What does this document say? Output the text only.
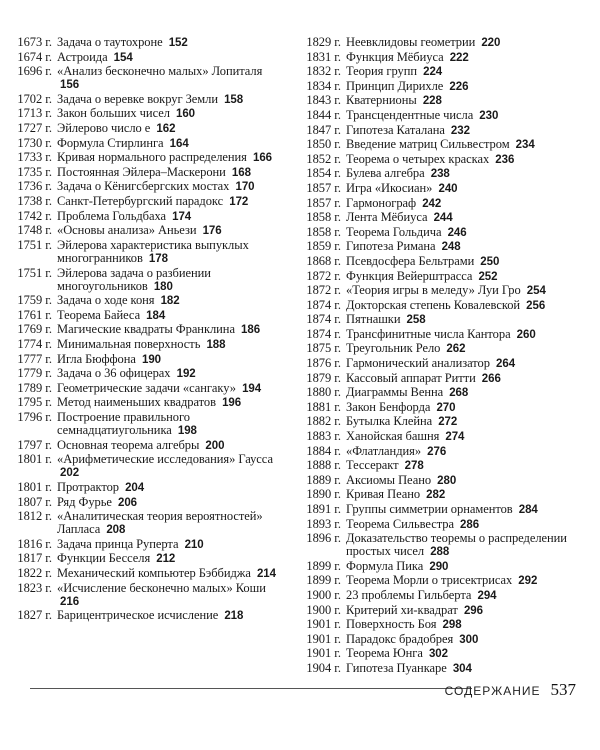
1673 г. Задача о таутохроне 152
1674 г. Астроида 154
1696 г. «Анализ бесконечно малых» Лопиталя 156
1702 г. Задача о веревке вокруг Земли 158
1713 г. Закон больших чисел 160
1727 г. Эйлерово число e 162
1730 г. Формула Стирлинга 164
1733 г. Кривая нормального распределения 166
1735 г. Постоянная Эйлера–Маскерони 168
1736 г. Задача о Кёнигсбергских мостах 170
1738 г. Санкт-Петербургский парадокс 172
1742 г. Проблема Гольдбаха 174
1748 г. «Основы анализа» Аньези 176
1751 г. Эйлерова характеристика выпуклых многогранников 178
1751 г. Эйлерова задача о разбиении многоугольников 180
1759 г. Задача о ходе коня 182
1761 г. Теорема Байеса 184
1769 г. Магические квадраты Франклина 186
1774 г. Минимальная поверхность 188
1777 г. Игла Бюффона 190
1779 г. Задача о 36 офицерах 192
1789 г. Геометрические задачи «сангаку» 194
1795 г. Метод наименьших квадратов 196
1796 г. Построение правильного семнадцатиугольника 198
1797 г. Основная теорема алгебры 200
1801 г. «Арифметические исследования» Гаусса 202
1801 г. Протрактор 204
1807 г. Ряд Фурье 206
1812 г. «Аналитическая теория вероятностей» Лапласа 208
1816 г. Задача принца Руперта 210
1817 г. Функции Бесселя 212
1822 г. Механический компьютер Бэббиджа 214
1823 г. «Исчисление бесконечно малых» Коши 216
1827 г. Барицентрическое исчисление 218
1829 г. Неевклидовы геометрии 220
1831 г. Функция Мёбиуса 222
1832 г. Теория групп 224
1834 г. Принцип Дирихле 226
1843 г. Кватернионы 228
1844 г. Трансцендентные числа 230
1847 г. Гипотеза Каталана 232
1850 г. Введение матриц Сильвестром 234
1852 г. Теорема о четырех красках 236
1854 г. Булева алгебра 238
1857 г. Игра «Икосиан» 240
1857 г. Гармонограф 242
1858 г. Лента Мёбиуса 244
1858 г. Теорема Гольдича 246
1859 г. Гипотеза Римана 248
1868 г. Псевдосфера Бельтрами 250
1872 г. Функция Вейерштрасса 252
1872 г. «Теория игры в меледу» Луи Гро 254
1874 г. Докторская степень Ковалевской 256
1874 г. Пятнашки 258
1874 г. Трансфинитные числа Кантора 260
1875 г. Треугольник Рело 262
1876 г. Гармонический анализатор 264
1879 г. Кассовый аппарат Ритти 266
1880 г. Диаграммы Венна 268
1881 г. Закон Бенфорда 270
1882 г. Бутылка Клейна 272
1883 г. Ханойская башня 274
1884 г. «Флатландия» 276
1888 г. Тессеракт 278
1889 г. Аксиомы Пеано 280
1890 г. Кривая Пеано 282
1891 г. Группы симметрии орнаментов 284
1893 г. Теорема Сильвестра 286
1896 г. Доказательство теоремы о распределении простых чисел 288
1899 г. Формула Пика 290
1899 г. Теорема Морли о трисектрисах 292
1900 г. 23 проблемы Гильберта 294
1900 г. Критерий хи-квадрат 296
1901 г. Поверхность Боя 298
1901 г. Парадокс брадобрея 300
1901 г. Теорема Юнга 302
1904 г. Гипотеза Пуанкаре 304
СОДЕРЖАНИЕ 537
